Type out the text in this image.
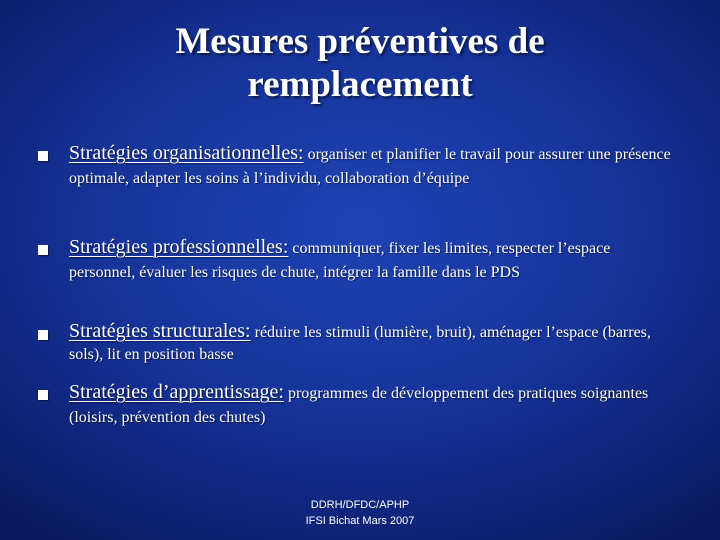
Mesures préventives de
remplacement
Stratégies organisationnelles: organiser et planifier le travail pour assurer une présence optimale, adapter les soins à l’individu, collaboration d’équipe
Stratégies professionnelles: communiquer, fixer les limites, respecter l’espace personnel, évaluer les risques de chute, intégrer la famille dans le PDS
Stratégies structurales: réduire les stimuli (lumière, bruit), aménager l’espace (barres, sols), lit en position basse
Stratégies d’apprentissage: programmes de développement des pratiques soignantes (loisirs, prévention des chutes)
DDRH/DFDC/APHP
IFSI Bichat Mars 2007
